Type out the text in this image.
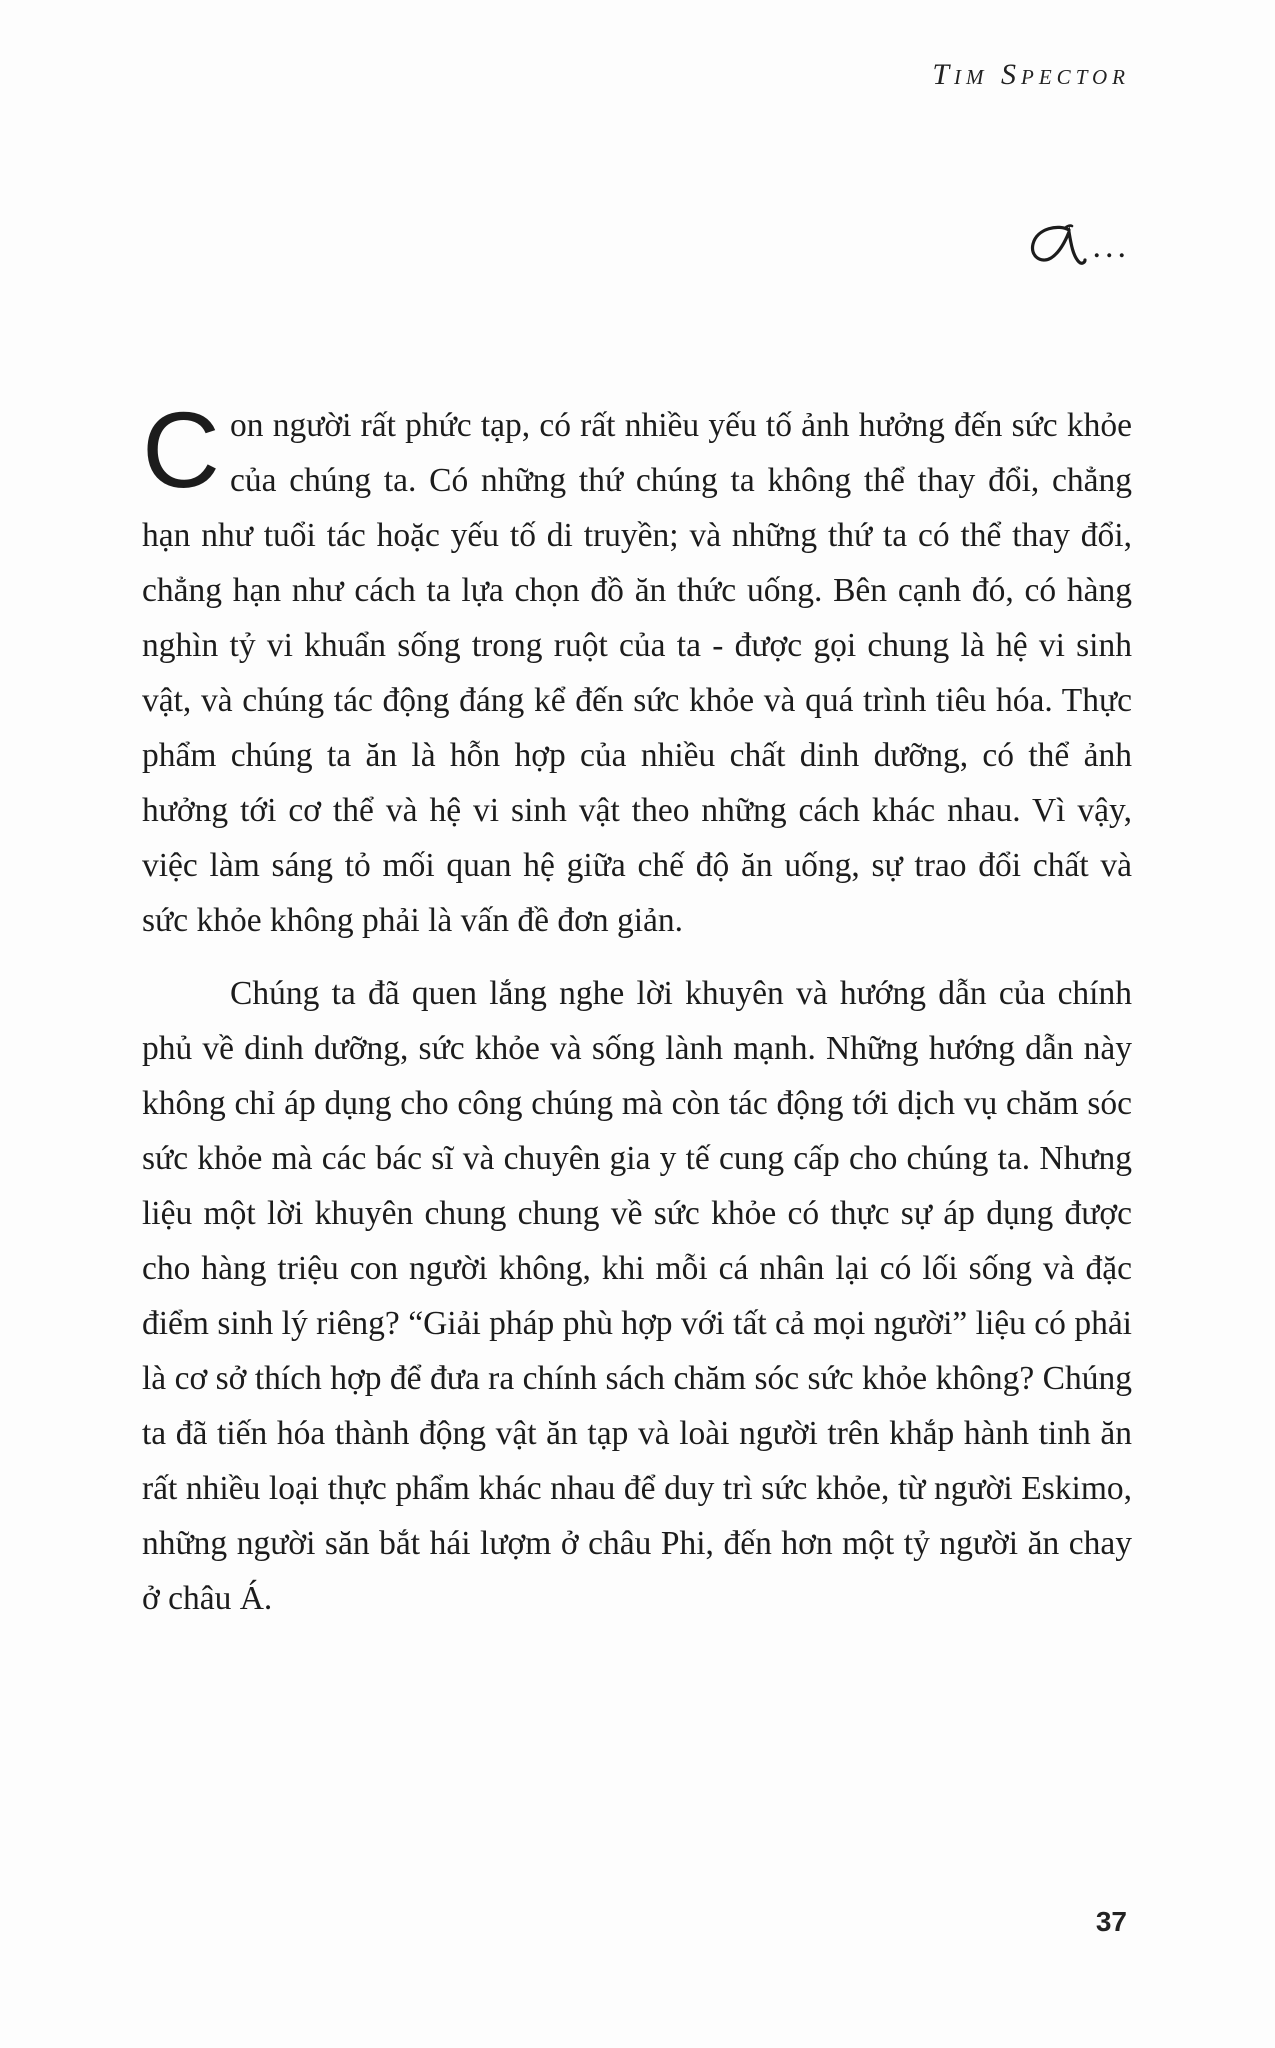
Tim Spector
...

Con người rất phức tạp, có rất nhiều yếu tố ảnh hưởng đến sức khỏe của chúng ta. Có những thứ chúng ta không thể thay đổi, chẳng hạn như tuổi tác hoặc yếu tố di truyền; và những thứ ta có thể thay đổi, chẳng hạn như cách ta lựa chọn đồ ăn thức uống. Bên cạnh đó, có hàng nghìn tỷ vi khuẩn sống trong ruột của ta - được gọi chung là hệ vi sinh vật, và chúng tác động đáng kể đến sức khỏe và quá trình tiêu hóa. Thực phẩm chúng ta ăn là hỗn hợp của nhiều chất dinh dưỡng, có thể ảnh hưởng tới cơ thể và hệ vi sinh vật theo những cách khác nhau. Vì vậy, việc làm sáng tỏ mối quan hệ giữa chế độ ăn uống, sự trao đổi chất và sức khỏe không phải là vấn đề đơn giản.

Chúng ta đã quen lắng nghe lời khuyên và hướng dẫn của chính phủ về dinh dưỡng, sức khỏe và sống lành mạnh. Những hướng dẫn này không chỉ áp dụng cho công chúng mà còn tác động tới dịch vụ chăm sóc sức khỏe mà các bác sĩ và chuyên gia y tế cung cấp cho chúng ta. Nhưng liệu một lời khuyên chung chung về sức khỏe có thực sự áp dụng được cho hàng triệu con người không, khi mỗi cá nhân lại có lối sống và đặc điểm sinh lý riêng? “Giải pháp phù hợp với tất cả mọi người” liệu có phải là cơ sở thích hợp để đưa ra chính sách chăm sóc sức khỏe không? Chúng ta đã tiến hóa thành động vật ăn tạp và loài người trên khắp hành tinh ăn rất nhiều loại thực phẩm khác nhau để duy trì sức khỏe, từ người Eskimo, những người săn bắt hái lượm ở châu Phi, đến hơn một tỷ người ăn chay ở châu Á.

37
